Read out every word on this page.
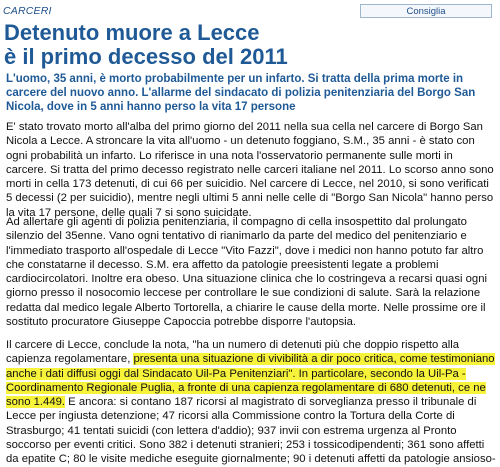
CARCERI	Consiglia
Detenuto muore a Lecce
è il primo decesso del 2011

L'uomo, 35 anni, è morto probabilmente per un infarto. Si tratta della prima morte in carcere del nuovo anno. L'allarme del sindacato di polizia penitenziaria del Borgo San Nicola, dove in 5 anni hanno perso la vita 17 persone

E' stato trovato morto all'alba del primo giorno del 2011 nella sua cella nel carcere di Borgo San Nicola a Lecce. A stroncare la vita all'uomo - un detenuto foggiano, S.M., 35 anni - è stato con ogni probabilità un infarto. Lo riferisce in una nota l'osservatorio permanente sulle morti in carcere. Si tratta del primo decesso registrato nelle carceri italiane nel 2011. Lo scorso anno sono morti in cella 173 detenuti, di cui 66 per suicidio. Nel carcere di Lecce, nel 2010, si sono verificati 5 decessi (2 per suicidio), mentre negli ultimi 5 anni nelle celle di "Borgo San Nicola" hanno perso la vita 17 persone, delle quali 7 si sono suicidate.

Ad allertare gli agenti di polizia penitenziaria, il compagno di cella insospettito dal prolungato silenzio del 35enne. Vano ogni tentativo di rianimarlo da parte del medico del penitenziario e l'immediato trasporto all'ospedale di Lecce "Vito Fazzi", dove i medici non hanno potuto far altro che constatarne il decesso. S.M. era affetto da patologie preesistenti legate a problemi cardiocircolatori. Inoltre era obeso. Una situazione clinica che lo costringeva a recarsi quasi ogni giorno presso il nosocomio leccese per controllare le sue condizioni di salute. Sarà la relazione redatta dal medico legale Alberto Tortorella, a chiarire le cause della morte. Nelle prossime ore il sostituto procuratore Giuseppe Capoccia potrebbe disporre l'autopsia.

Il carcere di Lecce, conclude la nota, "ha un numero di detenuti più che doppio rispetto alla capienza regolamentare, presenta una situazione di vivibilità a dir poco critica, come testimoniano anche i dati diffusi oggi dal Sindacato Uil-Pa Penitenziari". In particolare, secondo la Uil-Pa - Coordinamento Regionale Puglia, a fronte di una capienza regolamentare di 680 detenuti, ce ne sono 1.449. E ancora: si contano 187 ricorsi al magistrato di sorveglianza presso il tribunale di Lecce per ingiusta detenzione; 47 ricorsi alla Commissione contro la Tortura della Corte di Strasburgo; 41 tentati suicidi (con lettera d'addio); 937 invii con estrema urgenza al Pronto soccorso per eventi critici. Sono 382 i detenuti stranieri; 253 i tossicodipendenti; 361 sono affetti da epatite C; 80 le visite mediche eseguite giornalmente; 90 i detenuti affetti da patologie ansioso-
